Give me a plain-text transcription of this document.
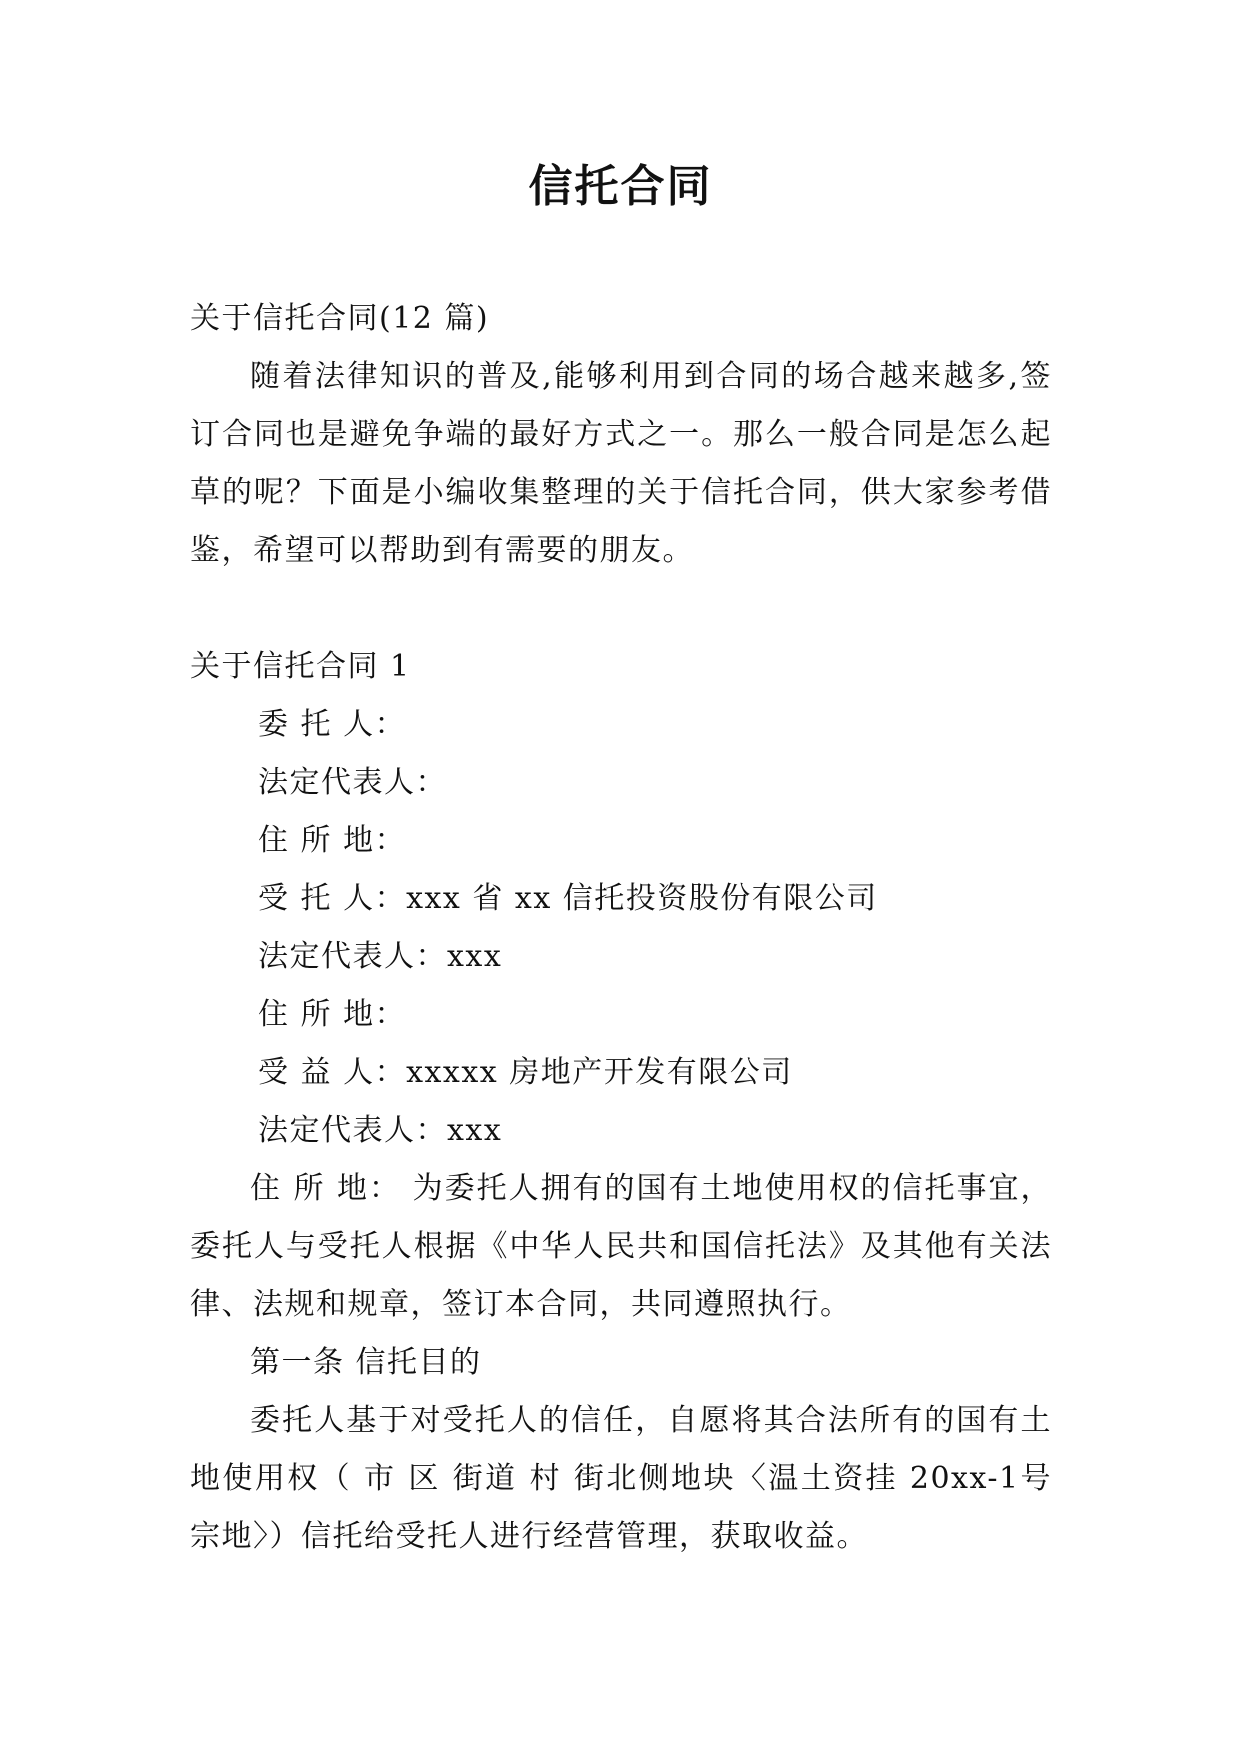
信托合同

关于信托合同(12 篇)

随着法律知识的普及,能够利用到合同的场合越来越多,签订合同也是避免争端的最好方式之一。那么一般合同是怎么起草的呢？下面是小编收集整理的关于信托合同，供大家参考借鉴，希望可以帮助到有需要的朋友。

关于信托合同 1

委 托 人：

法定代表人：

住 所 地：

受 托 人：xxx 省 xx 信托投资股份有限公司

法定代表人：xxx

住 所 地：

受 益 人：xxxxx 房地产开发有限公司

法定代表人：xxx

住 所 地： 为委托人拥有的国有土地使用权的信托事宜，委托人与受托人根据《中华人民共和国信托法》及其他有关法律、法规和规章，签订本合同，共同遵照执行。

第一条 信托目的

委托人基于对受托人的信任，自愿将其合法所有的国有土地使用权（ 市 区 街道 村 街北侧地块〈温土资挂 20xx-1号宗地〉）信托给受托人进行经营管理，获取收益。
